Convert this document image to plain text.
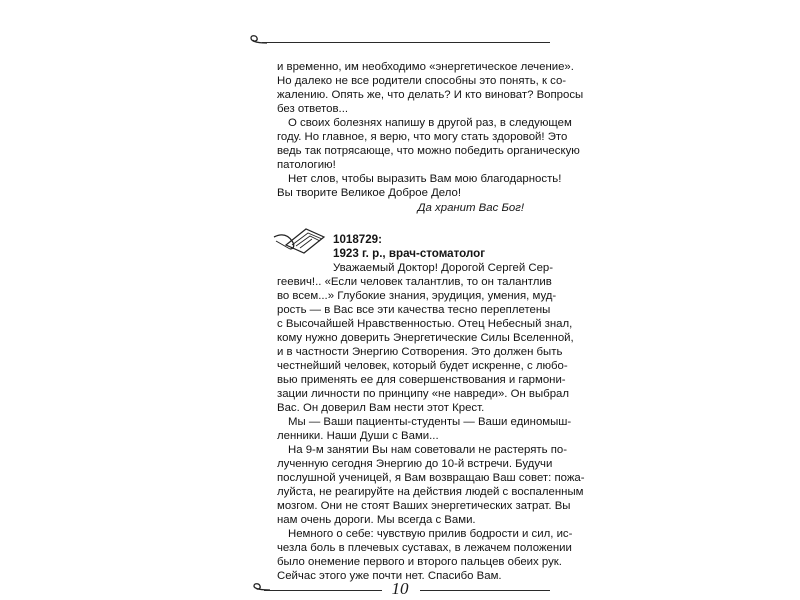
и временно, им необходимо «энергетическое лечение».
Но далеко не все родители способны это понять, к со-
жалению. Опять же, что делать? И кто виноват? Вопросы
без ответов...
О своих болезнях напишу в другой раз, в следующем
году. Но главное, я верю, что могу стать здоровой! Это
ведь так потрясающе, что можно победить органическую
патологию!
Нет слов, чтобы выразить Вам мою благодарность!
Вы творите Великое Доброе Дело!
Да хранит Вас Бог!
1018729:
1923 г. р., врач-стоматолог
Уважаемый Доктор! Дорогой Сергей Сер-
геевич!.. «Если человек талантлив, то он талантлив
во всем...» Глубокие знания, эрудиция, умения, муд-
рость — в Вас все эти качества тесно переплетены
с Высочайшей Нравственностью. Отец Небесный знал,
кому нужно доверить Энергетические Силы Вселенной,
и в частности Энергию Сотворения. Это должен быть
честнейший человек, который будет искренне, с любо-
вью применять ее для совершенствования и гармони-
зации личности по принципу «не навреди». Он выбрал
Вас. Он доверил Вам нести этот Крест.
Мы — Ваши пациенты-студенты — Ваши единомыш-
ленники. Наши Души с Вами...
На 9-м занятии Вы нам советовали не растерять по-
лученную сегодня Энергию до 10-й встречи. Будучи
послушной ученицей, я Вам возвращаю Ваш совет: пожа-
луйста, не реагируйте на действия людей с воспаленным
мозгом. Они не стоят Ваших энергетических затрат. Вы
нам очень дороги. Мы всегда с Вами.
Немного о себе: чувствую прилив бодрости и сил, ис-
чезла боль в плечевых суставах, в лежачем положении
было онемение первого и второго пальцев обеих рук.
Сейчас этого уже почти нет. Спасибо Вам.
10
